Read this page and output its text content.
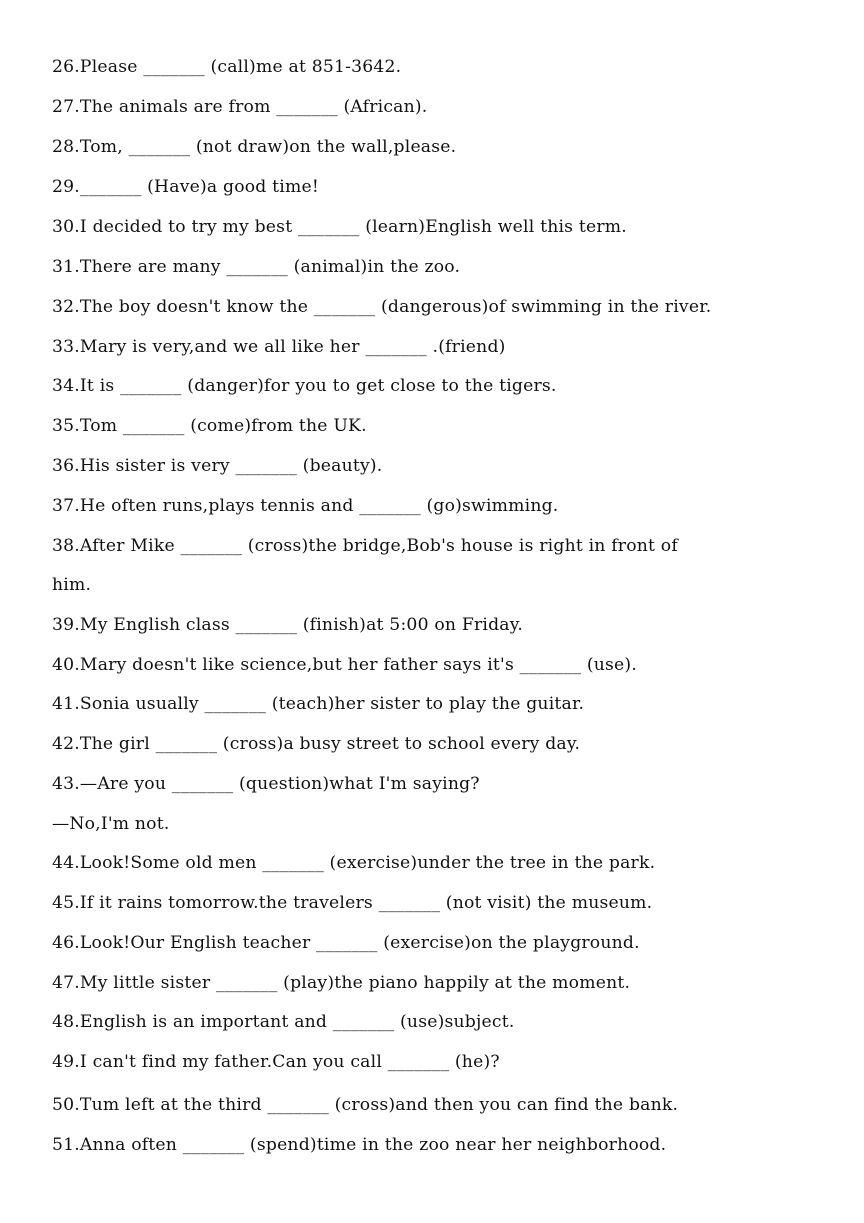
26.Please _______ (call)me at 851-3642.
27.The animals are from _______ (African).
28.Tom, _______ (not draw)on the wall,please.
29._______ (Have)a good time!
30.I decided to try my best _______ (learn)English well this term.
31.There are many _______ (animal)in the zoo.
32.The boy doesn't know the _______ (dangerous)of swimming in the river.
33.Mary is very,and we all like her _______ .(friend)
34.It is _______ (danger)for you to get close to the tigers.
35.Tom _______ (come)from the UK.
36.His sister is very _______ (beauty).
37.He often runs,plays tennis and _______ (go)swimming.
38.After Mike _______ (cross)the bridge,Bob's house is right in front of
him.
39.My English class _______ (finish)at 5:00 on Friday.
40.Mary doesn't like science,but her father says it's _______ (use).
41.Sonia usually _______ (teach)her sister to play the guitar.
42.The girl _______ (cross)a busy street to school every day.
43.—Are you _______ (question)what I'm saying?
—No,I'm not.
44.Look!Some old men _______ (exercise)under the tree in the park.
45.If it rains tomorrow.the travelers _______ (not visit) the museum.
46.Look!Our English teacher _______ (exercise)on the playground.
47.My little sister _______ (play)the piano happily at the moment.
48.English is an important and _______ (use)subject.
49.I can't find my father.Can you call _______ (he)?
50.Tum left at the third _______ (cross)and then you can find the bank.
51.Anna often _______ (spend)time in the zoo near her neighborhood.
